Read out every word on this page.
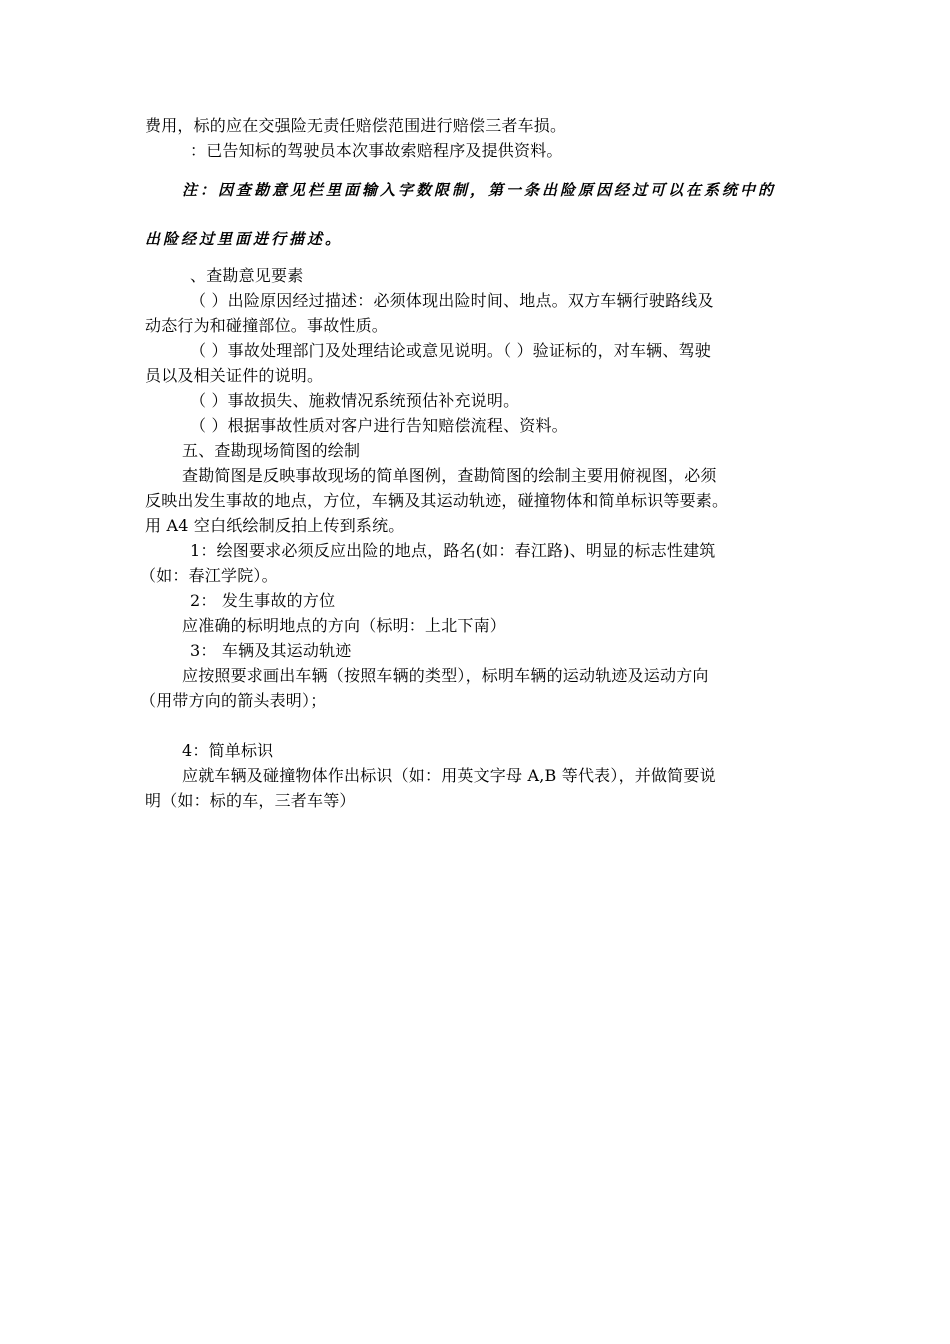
费用，标的应在交强险无责任赔偿范围进行赔偿三者车损。
：已告知标的驾驶员本次事故索赔程序及提供资料。
注：因查勘意见栏里面输入字数限制，第一条出险原因经过可以在系统中的
出险经过里面进行描述。
、查勘意见要素
（ ）出险原因经过描述：必须体现出险时间、地点。双方车辆行驶路线及
动态行为和碰撞部位。事故性质。
（ ）事故处理部门及处理结论或意见说明。（ ）验证标的，对车辆、驾驶
员以及相关证件的说明。
（ ）事故损失、施救情况系统预估补充说明。
（ ）根据事故性质对客户进行告知赔偿流程、资料。
五、查勘现场简图的绘制
查勘简图是反映事故现场的简单图例，查勘简图的绘制主要用俯视图，必须
反映出发生事故的地点，方位，车辆及其运动轨迹，碰撞物体和简单标识等要素。
用 A4 空白纸绘制反拍上传到系统。
1：绘图要求必须反应出险的地点，路名(如：春江路)、明显的标志性建筑
（如：春江学院）。
2： 发生事故的方位
应准确的标明地点的方向（标明：上北下南）
3： 车辆及其运动轨迹
应按照要求画出车辆（按照车辆的类型），标明车辆的运动轨迹及运动方向
（用带方向的箭头表明）；
4：简单标识
应就车辆及碰撞物体作出标识（如：用英文字母 A,B 等代表），并做简要说
明（如：标的车，三者车等）
